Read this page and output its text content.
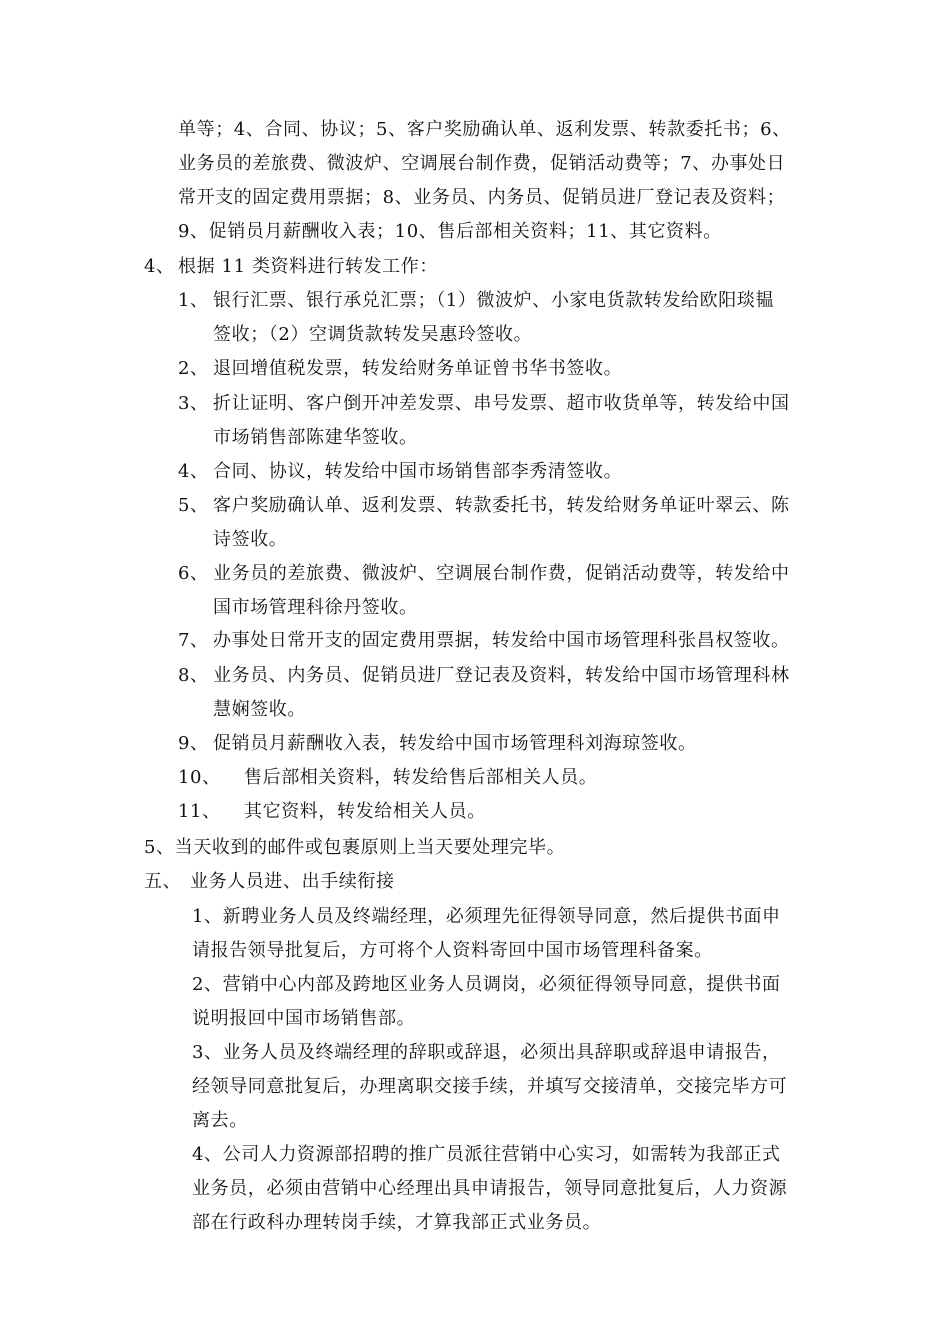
单等；4、合同、协议；5、客户奖励确认单、返利发票、转款委托书；6、
业务员的差旅费、微波炉、空调展台制作费，促销活动费等；7、办事处日
常开支的固定费用票据；8、业务员、内务员、促销员进厂登记表及资料；
9、促销员月薪酬收入表；10、售后部相关资料；11、其它资料。
4、 根据 11 类资料进行转发工作：
1、 银行汇票、银行承兑汇票；（1）微波炉、小家电货款转发给欧阳琰韫
签收；（2）空调货款转发吴惠玲签收。
2、 退回增值税发票，转发给财务单证曾书华书签收。
3、 折让证明、客户倒开冲差发票、串号发票、超市收货单等，转发给中国
市场销售部陈建华签收。
4、 合同、协议，转发给中国市场销售部李秀清签收。
5、 客户奖励确认单、返利发票、转款委托书，转发给财务单证叶翠云、陈
诗签收。
6、 业务员的差旅费、微波炉、空调展台制作费，促销活动费等，转发给中
国市场管理科徐丹签收。
7、 办事处日常开支的固定费用票据，转发给中国市场管理科张昌权签收。
8、 业务员、内务员、促销员进厂登记表及资料，转发给中国市场管理科林
慧娴签收。
9、 促销员月薪酬收入表，转发给中国市场管理科刘海琼签收。
10、 售后部相关资料，转发给售后部相关人员。
11、 其它资料，转发给相关人员。
5、当天收到的邮件或包裹原则上当天要处理完毕。
五、 业务人员进、出手续衔接
1、新聘业务人员及终端经理，必须理先征得领导同意，然后提供书面申
请报告领导批复后，方可将个人资料寄回中国市场管理科备案。
2、营销中心内部及跨地区业务人员调岗，必须征得领导同意，提供书面
说明报回中国市场销售部。
3、业务人员及终端经理的辞职或辞退，必须出具辞职或辞退申请报告，
经领导同意批复后，办理离职交接手续，并填写交接清单，交接完毕方可
离去。
4、公司人力资源部招聘的推广员派往营销中心实习，如需转为我部正式
业务员，必须由营销中心经理出具申请报告，领导同意批复后，人力资源
部在行政科办理转岗手续，才算我部正式业务员。
